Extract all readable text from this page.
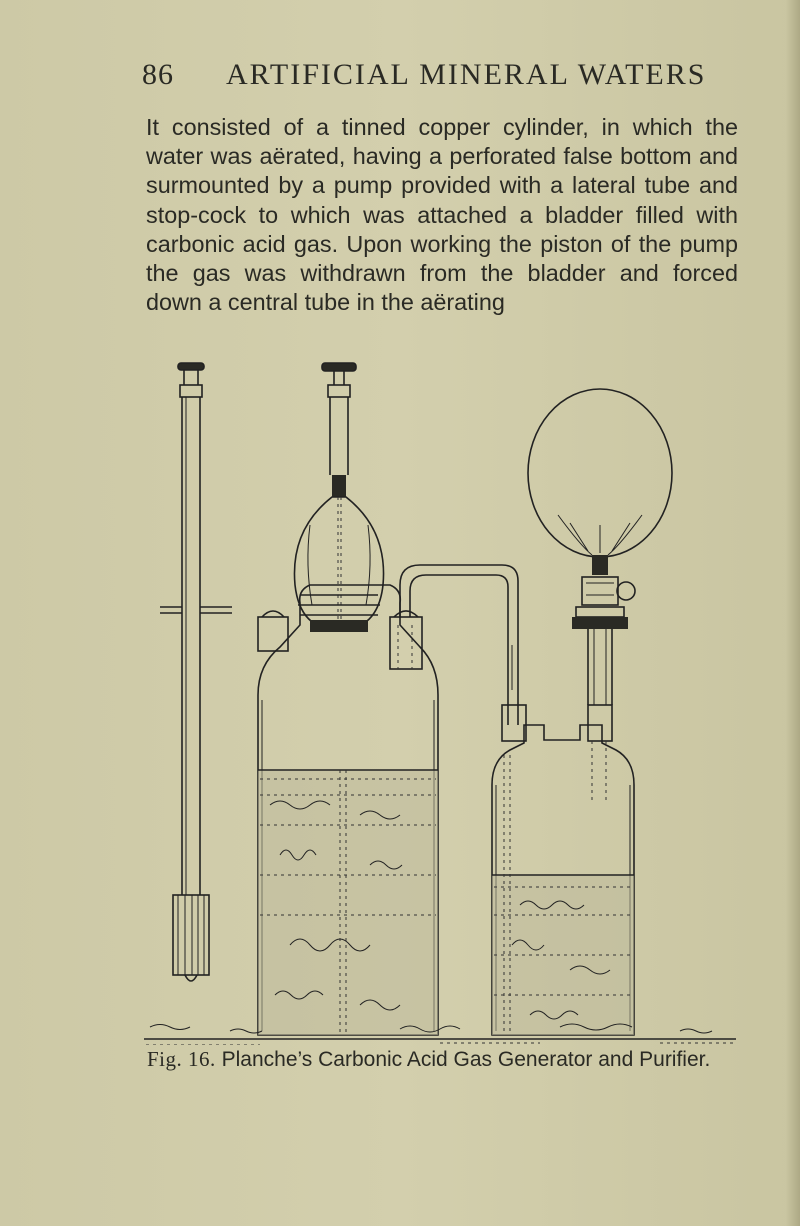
86 ARTIFICIAL MINERAL WATERS

It consisted of a tinned copper cylinder, in which the water was aërated, having a perforated false bottom and surmounted by a pump provided with a lateral tube and stop-cock to which was attached a bladder filled with carbonic acid gas. Upon working the piston of the pump the gas was withdrawn from the bladder and forced down a central tube in the aërating

Fig. 16. Planche’s Carbonic Acid Gas Generator and Purifier.
